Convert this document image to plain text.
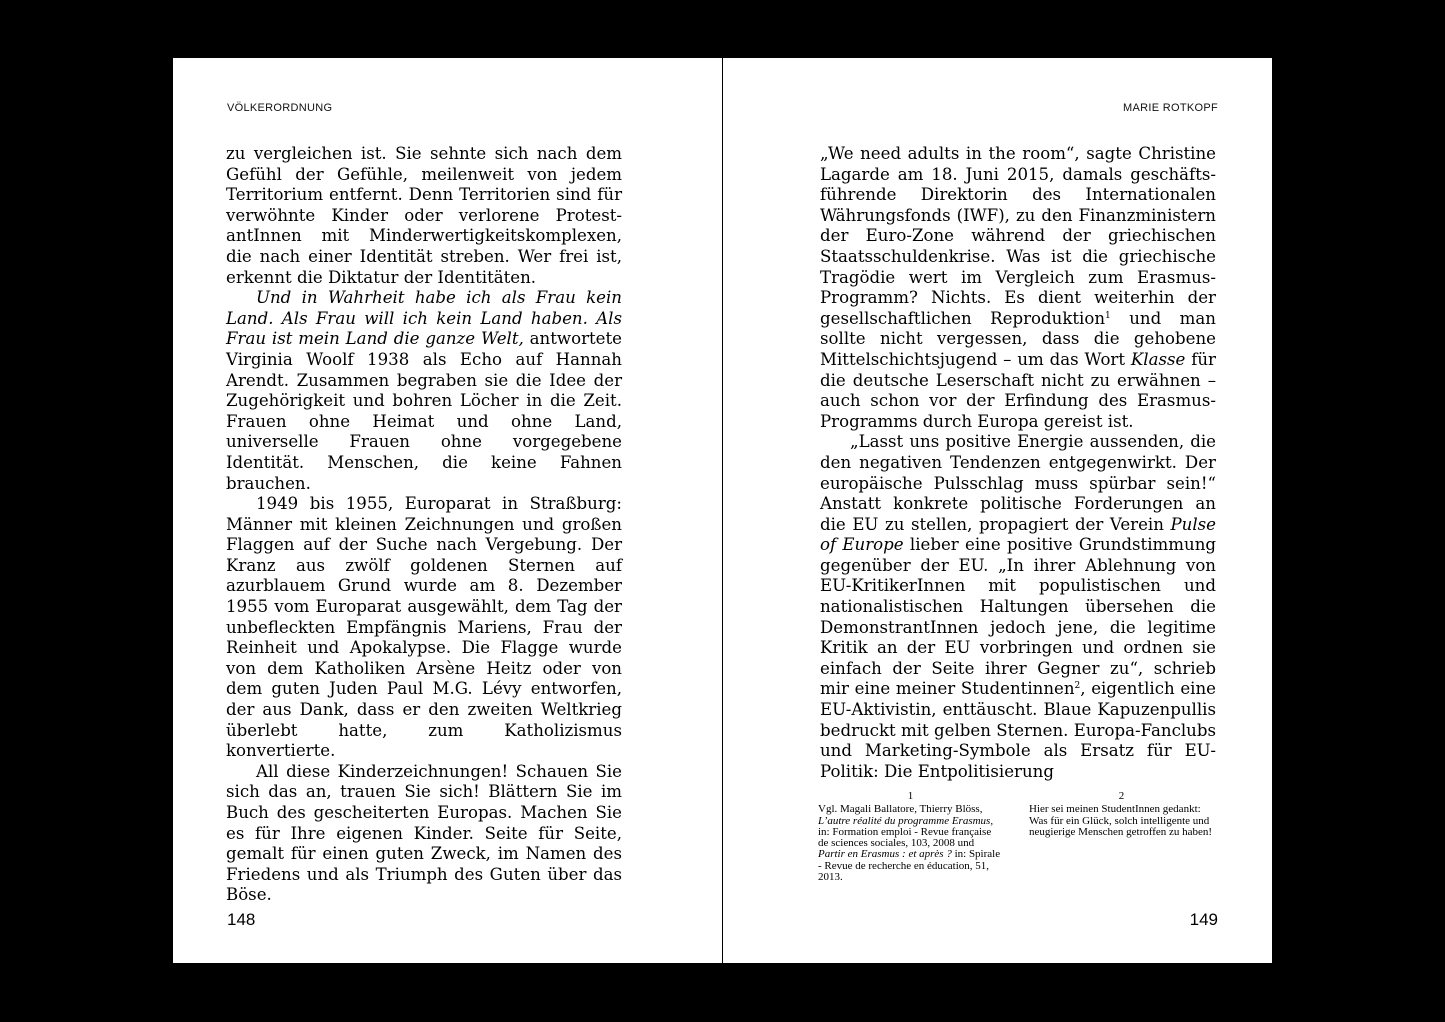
VÖLKERORDNUNG

zu vergleichen ist. Sie sehnte sich nach dem Gefühl der Gefühle, meilenweit von jedem Territorium entfernt. Denn Territorien sind für verwöhnte Kinder oder verlorene ProtestantInnen mit Minderwertigkeitskomplexen, die nach einer Identität streben. Wer frei ist, erkennt die Diktatur der Identitäten.

Und in Wahrheit habe ich als Frau kein Land. Als Frau will ich kein Land haben. Als Frau ist mein Land die ganze Welt, antwortete Virginia Woolf 1938 als Echo auf Hannah Arendt. Zusammen begraben sie die Idee der Zugehörigkeit und bohren Löcher in die Zeit. Frauen ohne Heimat und ohne Land, universelle Frauen ohne vorgegebene Identität. Menschen, die keine Fahnen brauchen.

1949 bis 1955, Europarat in Straßburg: Männer mit kleinen Zeichnungen und großen Flaggen auf der Suche nach Vergebung. Der Kranz aus zwölf goldenen Sternen auf azurblauem Grund wurde am 8. Dezember 1955 vom Europarat ausgewählt, dem Tag der unbefleckten Empfängnis Mariens, Frau der Reinheit und Apokalypse. Die Flagge wurde von dem Katholiken Arsène Heitz oder von dem guten Juden Paul M.G. Lévy entworfen, der aus Dank, dass er den zweiten Weltkrieg überlebt hatte, zum Katholizismus konvertierte.

All diese Kinderzeichnungen! Schauen Sie sich das an, trauen Sie sich! Blättern Sie im Buch des gescheiterten Europas. Machen Sie es für Ihre eigenen Kinder. Seite für Seite, gemalt für einen guten Zweck, im Namen des Friedens und als Triumph des Guten über das Böse.

148
MARIE ROTKOPF

„We need adults in the room“, sagte Christine Lagarde am 18. Juni 2015, damals geschäftsführende Direktorin des Internationalen Währungsfonds (IWF), zu den Finanzministern der Euro-Zone während der griechischen Staatsschuldenkrise. Was ist die griechische Tragödie wert im Vergleich zum Erasmus-Programm? Nichts. Es dient weiterhin der gesellschaftlichen Reproduktion$^1$ und man sollte nicht vergessen, dass die gehobene Mittelschichtsjugend – um das Wort Klasse für die deutsche Leserschaft nicht zu erwähnen – auch schon vor der Erfindung des Erasmus-Programms durch Europa gereist ist.

„Lasst uns positive Energie aussenden, die den negativen Tendenzen entgegenwirkt. Der europäische Pulsschlag muss spürbar sein!“ Anstatt konkrete politische Forderungen an die EU zu stellen, propagiert der Verein Pulse of Europe lieber eine positive Grundstimmung gegenüber der EU. „In ihrer Ablehnung von EU-KritikerInnen mit populistischen und nationalistischen Haltungen übersehen die DemonstrantInnen jedoch jene, die legitime Kritik an der EU vorbringen und ordnen sie einfach der Seite ihrer Gegner zu“, schrieb mir eine meiner Studentinnen$^2$, eigentlich eine EU-Aktivistin, enttäuscht. Blaue Kapuzenpullis bedruckt mit gelben Sternen. Europa-Fanclubs und Marketing-Symbole als Ersatz für EU-Politik: Die Entpolitisierung

1
Vgl. Magali Ballatore, Thierry Blöss, L’autre réalité du programme Erasmus, in: Formation emploi - Revue française de sciences sociales, 103, 2008 und Partir en Erasmus : et après ? in: Spirale - Revue de recherche en éducation, 51, 2013.
2
Hier sei meinen StudentInnen gedankt: Was für ein Glück, solch intelligente und neugierige Menschen getroffen zu haben!
149
